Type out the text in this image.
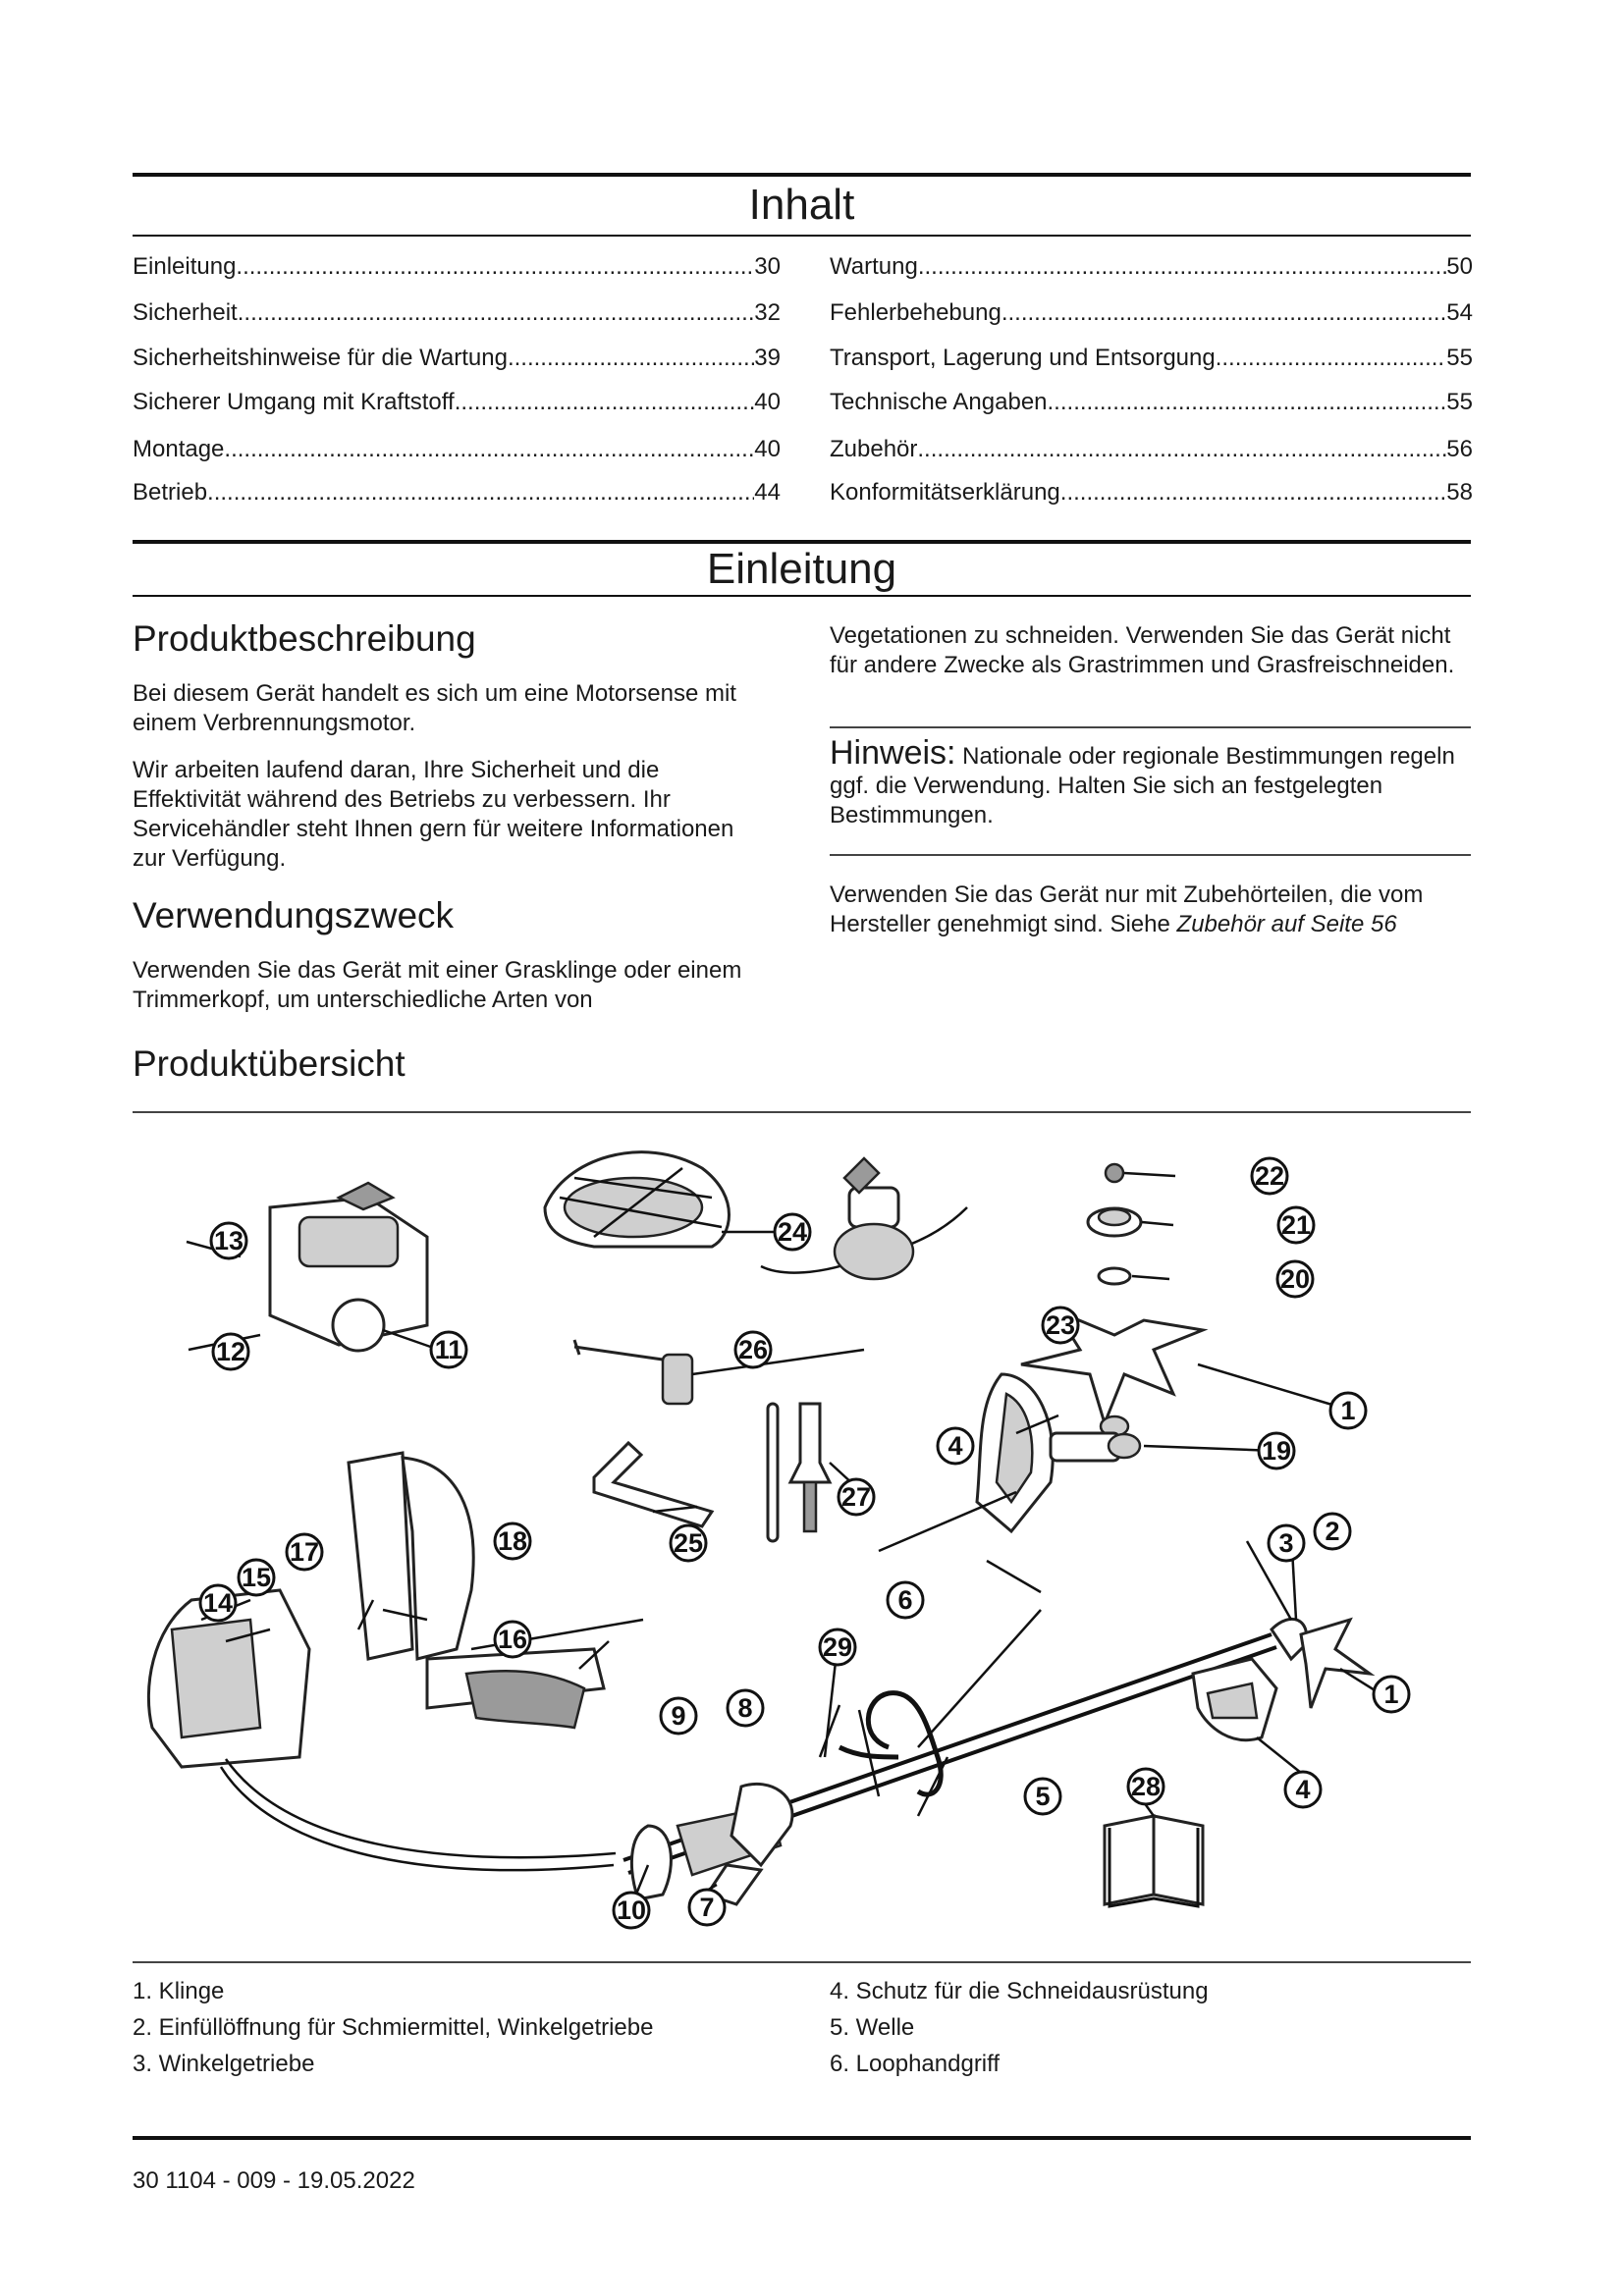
Inhalt
Einleitung .....	30
Sicherheit .....	32
Sicherheitshinweise für die Wartung .....	39
Sicherer Umgang mit Kraftstoff .....	40
Montage .....	40
Betrieb .....	44
Wartung .....	50
Fehlerbehebung .....	54
Transport, Lagerung und Entsorgung .....	55
Technische Angaben .....	55
Zubehör .....	56
Konformitätserklärung .....	58
Einleitung
Produktbeschreibung

Bei diesem Gerät handelt es sich um eine Motorsense mit einem Verbrennungsmotor.

Wir arbeiten laufend daran, Ihre Sicherheit und die Effektivität während des Betriebs zu verbessern. Ihr Servicehändler steht Ihnen gern für weitere Informationen zur Verfügung.

Verwendungszweck

Verwenden Sie das Gerät mit einer Grasklinge oder einem Trimmerkopf, um unterschiedliche Arten von

Vegetationen zu schneiden. Verwenden Sie das Gerät nicht für andere Zwecke als Grastrimmen und Grasfreischneiden.

Hinweis: Nationale oder regionale Bestimmungen regeln ggf. die Verwendung. Halten Sie sich an festgelegten Bestimmungen.

Verwenden Sie das Gerät nur mit Zubehörteilen, die vom Hersteller genehmigt sind. Siehe Zubehör auf Seite 56

Produktübersicht
1
1
2
3
4
4
5
6
7
8
9
10
11
12
13
14
15
16
17	18
19
20
21
22
23
24
25
26
27
28
29
1. Klinge
2. Einfüllöffnung für Schmiermittel, Winkelgetriebe
3. Winkelgetriebe
4. Schutz für die Schneidausrüstung
5. Welle
6. Loophandgriff
30 1104 - 009 - 19.05.2022
